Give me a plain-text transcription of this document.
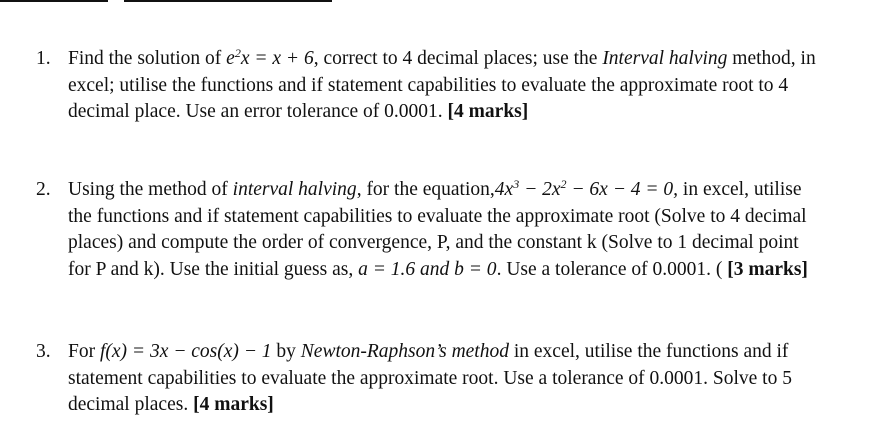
1. Find the solution of $e^2x = x + 6$, correct to 4 decimal places; use the Interval halving method, in excel; utilise the functions and if statement capabilities to evaluate the approximate root to 4 decimal place. Use an error tolerance of 0.0001. [4 marks]
2. Using the method of interval halving, for the $equation,4x^3 - 2x^2 - 6x - 4 = 0$, in excel, utilise the functions and if statement capabilities to evaluate the approximate root (Solve to 4 decimal places) and compute the order of convergence, P, and the constant k (Solve to 1 decimal point for P and k). Use the initial guess as, a = 1.6 and b = 0. Use a tolerance of 0.0001. ( [3 marks]
3. For f(x) = 3x − cos(x) − 1 by Newton-Raphson’s method in excel, utilise the functions and if statement capabilities to evaluate the approximate root. Use a tolerance of 0.0001. Solve to 5 decimal places. [4 marks]
